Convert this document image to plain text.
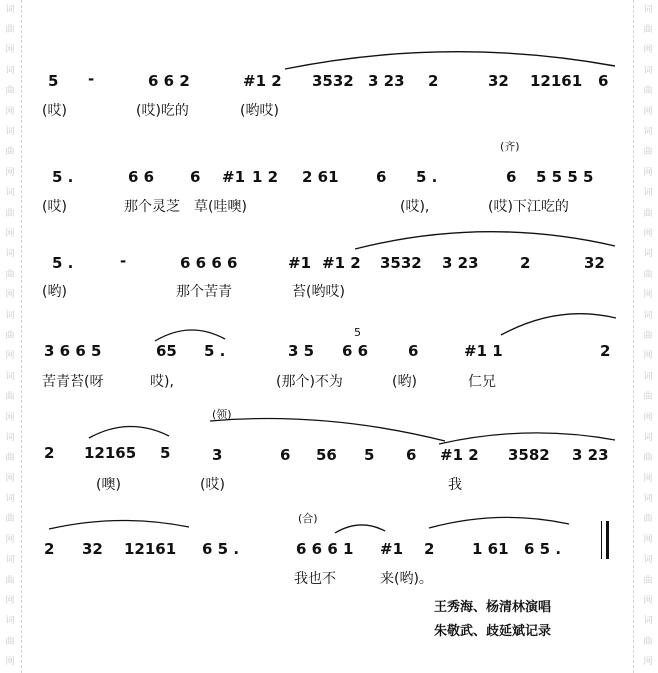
词
曲
网
词
曲
网
词
曲
网
词
曲
网
词
曲
网
词
曲
网
词
曲
网
词
曲
网
词
曲
网
词
曲
网
词
曲
网
词
曲
网
词
曲
网
词
曲
网
词
曲
网
词
曲
网
词
曲
网
词
曲
网
词
曲
网
词
曲
网
词
曲
网
词
曲
网
5 -	6 6 2	#1 2 3532 3 23 2	32 12161 6
(哎)	(哎)吃的	(哟哎)
(齐)
5 .	6 6 6 #1 1 2 2 61 6 5 .	6 5 5 5 5
(哎)	那个灵芝 草(哇噢)	(哎),	(哎)下江吃的
5 .	-	6 6 6 6	#1 #1 2 3532 3 23	2	32
(哟)	那个苦青	苔(哟哎)
5
3 6 6 5	65 5 .	3 5 6 6	6	#1 1	2
苦青苔(呀	哎),	(那个)不为	(哟)	仁兄
(领)
2 12165 5	3	6 56 5 6 #1 2 3582 3 23
(噢)	(哎)	我
(合)
2 32 12161 6 5 .	6 6 6 1 #1 2	1 61 6 5 .
我也不	来(哟)。
王秀海、杨清林演唱
朱敬武、歧延斌记录
